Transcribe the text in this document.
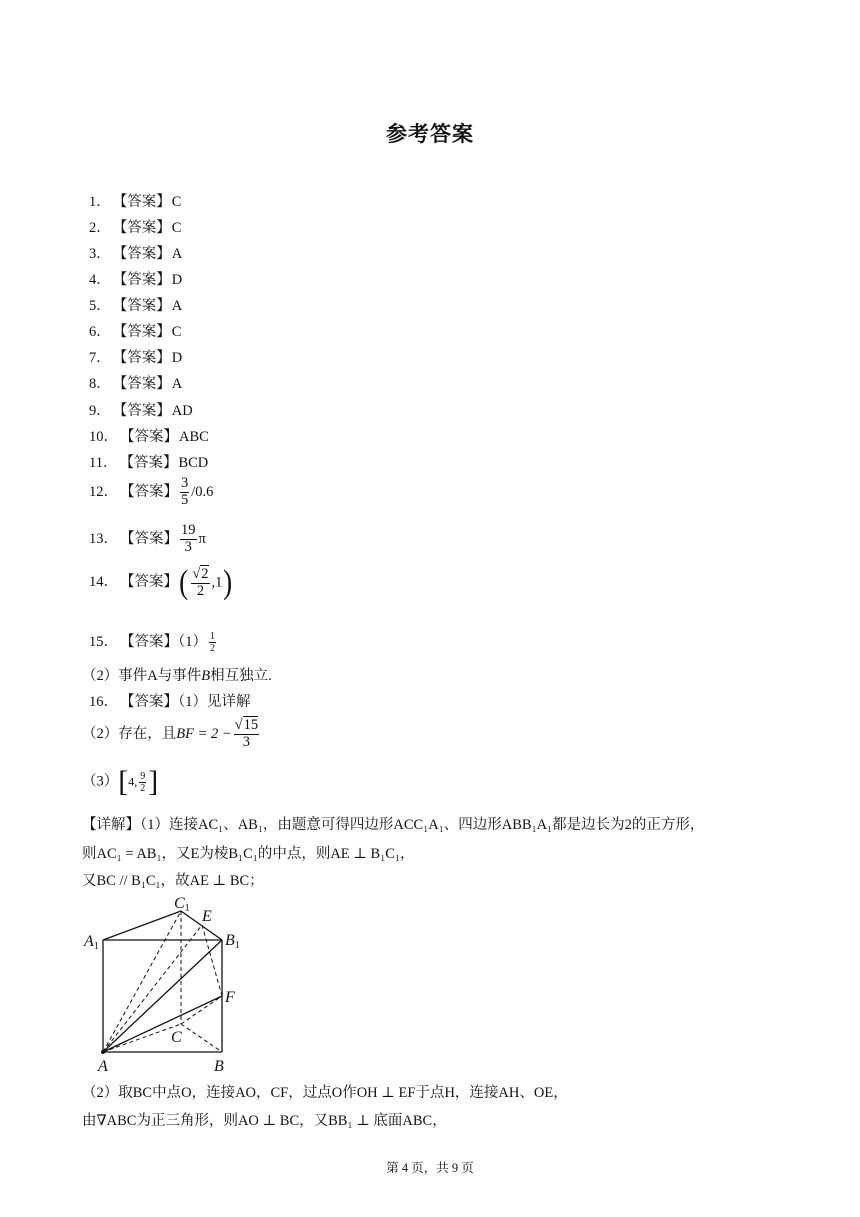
参考答案
1． 【答案】C
2． 【答案】C
3． 【答案】A
4． 【答案】D
5． 【答案】A
6． 【答案】C
7． 【答案】D
8． 【答案】A
9． 【答案】AD
10． 【答案】ABC
11． 【答案】BCD
12． 【答案】 $\frac{3}{5} /0.6$
13． 【答案】 $\frac{19}{3}$ π
14． 【答案】( $\frac{√2}{2} ,1$)
15． 【答案】$(1) \frac{1}{2}$
（2）事件A与事件B相互独立.
16． 【答案】（1）见详解
（2）存在，且BF = $2 - \frac{√15}{3}$
（3）[4, $\frac{9}{2}$ ]
【详解】（1）连接AC₁、AB₁，由题意可得四边形ACC₁A₁、四边形ABB₁A₁都是边长为2的正方形，
则AC₁ = AB₁，又E为棱B₁C₁的中点，则AE ⊥ B₁C₁，
又BC // B₁C₁，故AE ⊥ BC；
C1 E
A1	B1
F
C
A	B
（2）取BC中点O，连接AO，CF，过点O作OH ⊥ EF于点H，连接AH、OE，
由∇ABC为正三角形，则AO ⊥ BC，又BB₁ ⊥ 底面ABC，
第 4 页，共 9 页
